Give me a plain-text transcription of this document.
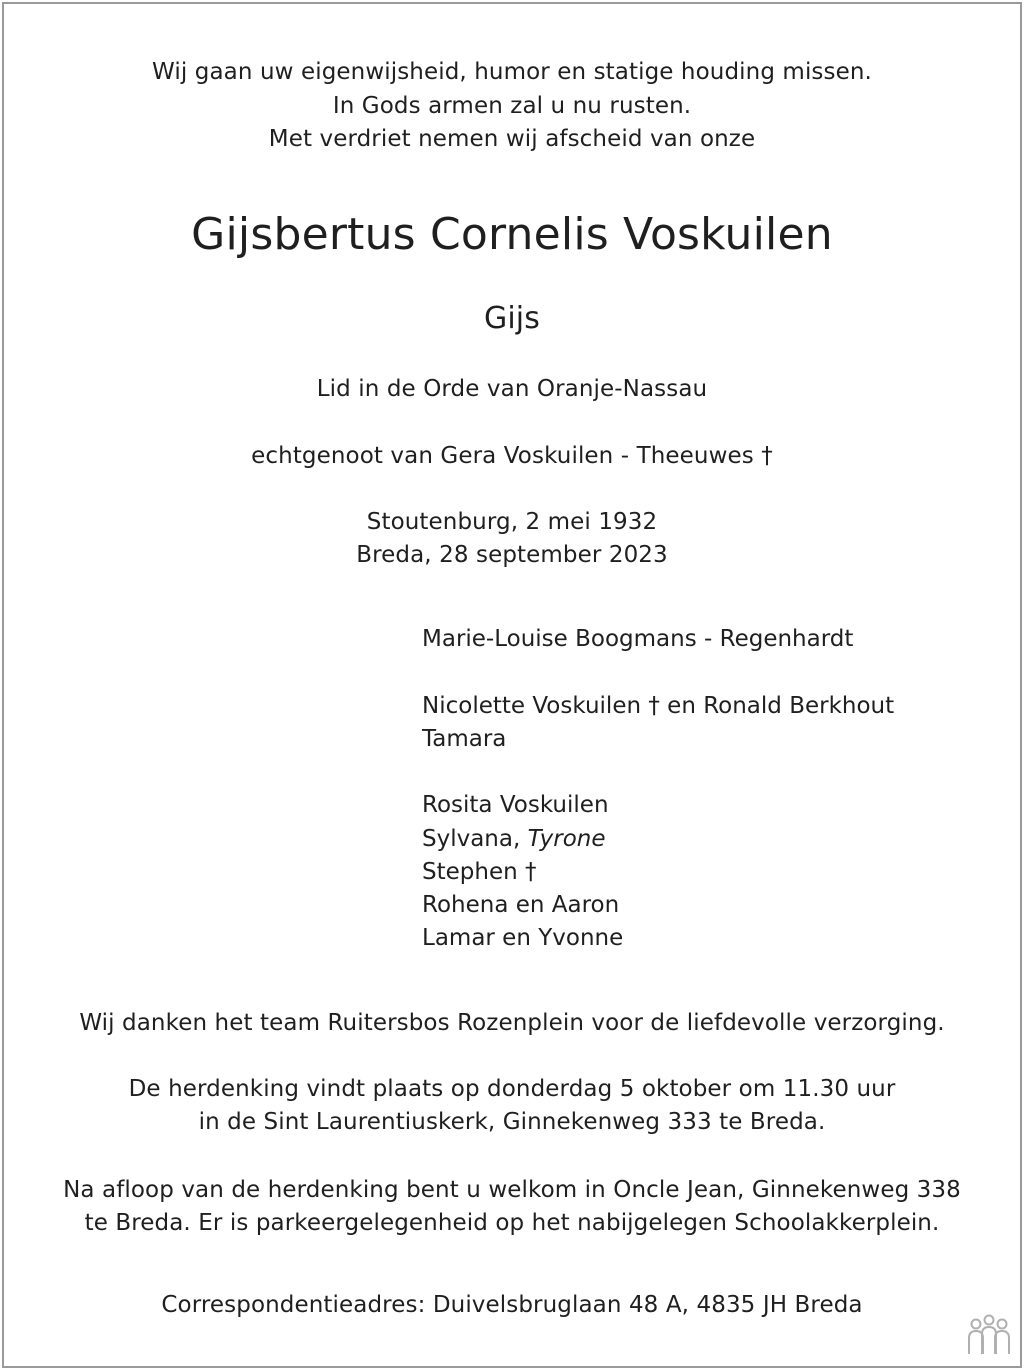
Wij gaan uw eigenwijsheid, humor en statige houding missen.
In Gods armen zal u nu rusten.
Met verdriet nemen wij afscheid van onze
Gijsbertus Cornelis Voskuilen
Gijs
Lid in de Orde van Oranje-Nassau
echtgenoot van Gera Voskuilen - Theeuwes †
Stoutenburg, 2 mei 1932
Breda, 28 september 2023
Marie-Louise Boogmans - Regenhardt
Nicolette Voskuilen † en Ronald Berkhout
Tamara
Rosita Voskuilen
Sylvana, Tyrone
Stephen †
Rohena en Aaron
Lamar en Yvonne
Wij danken het team Ruitersbos Rozenplein voor de liefdevolle verzorging.
De herdenking vindt plaats op donderdag 5 oktober om 11.30 uur
in de Sint Laurentiuskerk, Ginnekenweg 333 te Breda.
Na afloop van de herdenking bent u welkom in Oncle Jean, Ginnekenweg 338
te Breda. Er is parkeergelegenheid op het nabijgelegen Schoolakkerplein.
Correspondentieadres: Duivelsbruglaan 48 A, 4835 JH Breda
